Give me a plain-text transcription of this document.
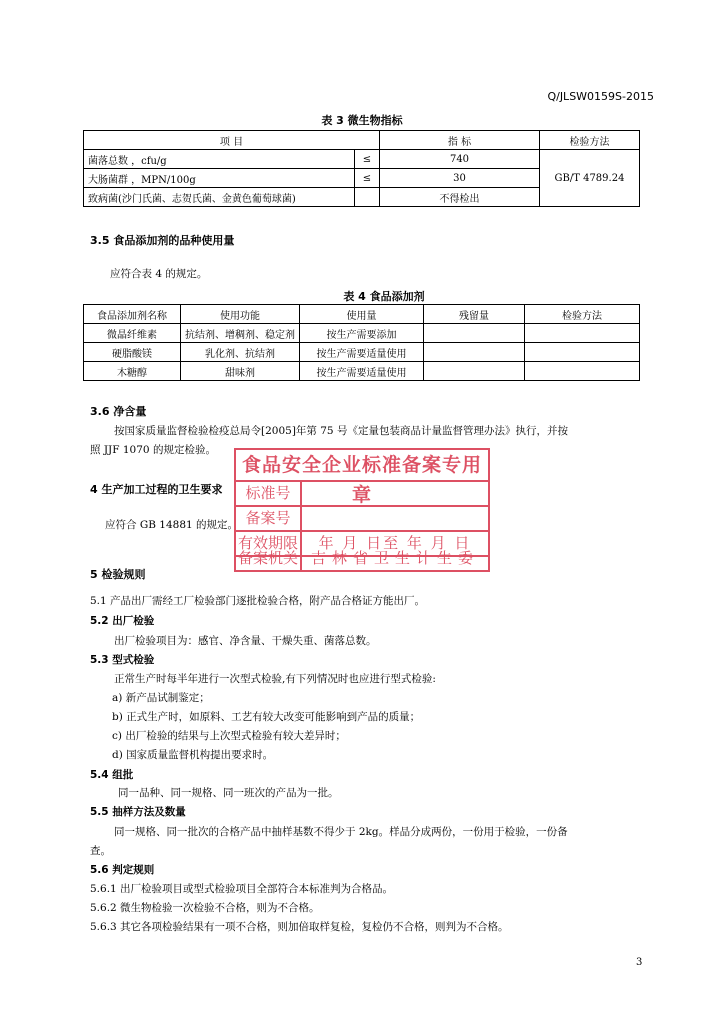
Q/JLSW0159S-2015
表 3 微生物指标
项 目		指 标	检验方法
菌落总数 ，cfu/g	≤	740	GB/T 4789.24
大肠菌群 ，MPN/100g	≤	30	
致病菌(沙门氏菌、志贺氏菌、金黄色葡萄球菌)		不得检出	
3.5 食品添加剂的品种使用量
应符合表 4 的规定。
表 4 食品添加剂
食品添加剂名称	使用功能	使用量	残留量	检验方法
微晶纤维素	抗结剂、增稠剂、稳定剂	按生产需要添加		
硬脂酸镁	乳化剂、抗结剂	按生产需要适量使用		
木糖醇	甜味剂	按生产需要适量使用		
3.6 净含量
按国家质量监督检验检疫总局令[2005]年第 75 号《定量包装商品计量监督管理办法》执行，并按
照 JJF 1070 的规定检验。
4 生产加工过程的卫生要求
应符合 GB 14881 的规定。
5 检验规则
5.1 产品出厂需经工厂检验部门逐批检验合格，附产品合格证方能出厂。
5.2 出厂检验
出厂检验项目为：感官、净含量、干燥失重、菌落总数。
5.3 型式检验
正常生产时每半年进行一次型式检验,有下列情况时也应进行型式检验:
a) 新产品试制鉴定；
b) 正式生产时，如原料、工艺有较大改变可能影响到产品的质量；
c) 出厂检验的结果与上次型式检验有较大差异时；
d) 国家质量监督机构提出要求时。
5.4 组批
同一品种、同一规格、同一班次的产品为一批。
5.5 抽样方法及数量
同一规格、同一批次的合格产品中抽样基数不得少于 2kg。样品分成两份，一份用于检验，一份备
查。
5.6 判定规则
5.6.1 出厂检验项目或型式检验项目全部符合本标准判为合格品。
5.6.2 微生物检验一次检验不合格，则为不合格。
5.6.3 其它各项检验结果有一项不合格，则加倍取样复检，复检仍不合格，则判为不合格。
食品安全企业标准备案专用章
标准号
备案号
有效期限	年 月 日至 年 月 日
备案机关 吉林省卫生计生委
3
